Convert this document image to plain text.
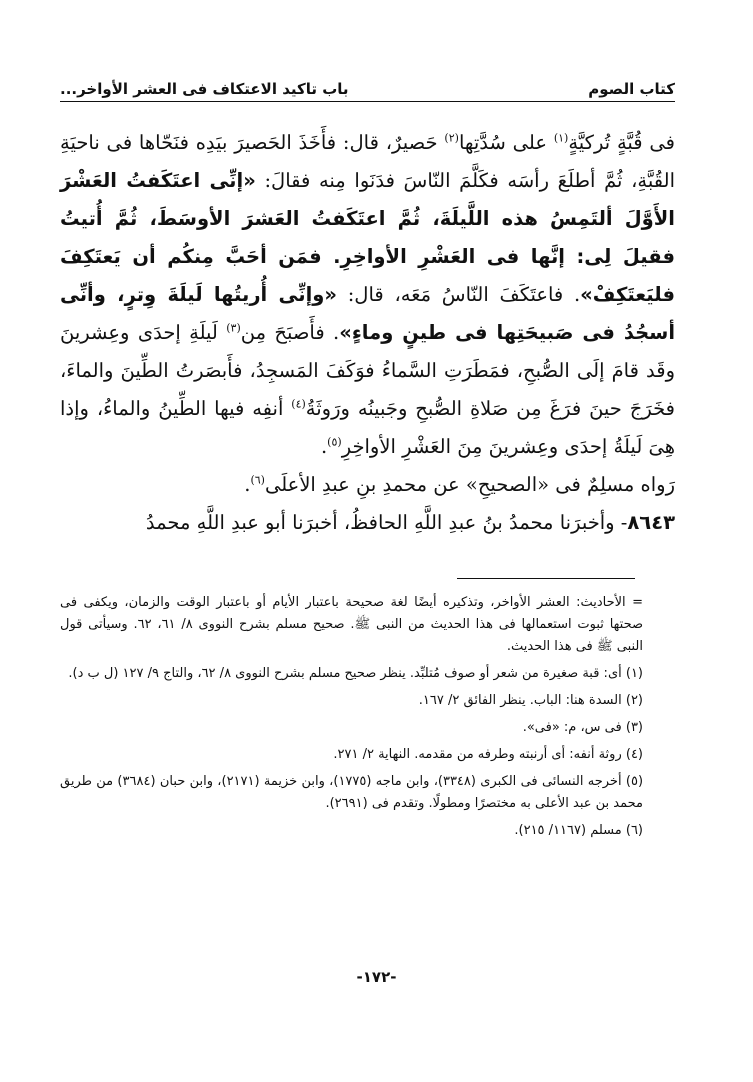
كتاب الصوم
باب تاكيد الاعتكاف فى العشر الأواخر...

فى قُبَّةٍ تُركيَّةٍ$^{(١)}$ على سُدَّتِها$^{(٢)}$ حَصيرٌ، قال: فأَخَذَ الحَصيرَ بيَدِه فنَحّاها فى ناحيَةِ القُبَّةِ، ثُمَّ أطلَعَ رأسَه فكَلَّمَ النّاسَ فدَنَوا مِنه فقالَ: «إنِّى اعتَكَفتُ العَشْرَ الأَوَّلَ ألتَمِسُ هذه اللَّيلَةَ، ثُمَّ اعتَكَفتُ العَشرَ الأوسَطَ، ثُمَّ أُتيتُ فقيلَ لِى: إنَّها فى العَشْرِ الأواخِرِ. فمَن أحَبَّ مِنكُم أن يَعتَكِفَ فليَعتَكِفْ». فاعتَكَفَ النّاسُ مَعَه، قال: «وإنِّى أُريتُها لَيلَةَ وِترٍ، وأنِّى أسجُدُ فى صَبيحَتِها فى طينٍ وماءٍ». فأَصبَحَ مِن$^{(٣)}$ لَيلَةِ إحدَى وعِشرينَ وقَد قامَ إلَى الصُّبحِ، فمَطَرَتِ السَّماءُ فوَكَفَ المَسجِدُ، فأَبصَرتُ الطِّينَ والماءَ، فخَرَجَ حينَ فرَغَ مِن صَلاةِ الصُّبحِ وجَبينُه ورَوثَةُ$^{(٤)}$ أنفِه فيها الطِّينُ والماءُ، وإذا هِىَ لَيلَةُ إحدَى وعِشرينَ مِنَ العَشْرِ الأواخِرِ$^{(٥)}$.

رَواه مسلِمٌ فى «الصحيحِ» عن محمدِ بنِ عبدِ الأعلَى$^{(٦)}$.

٨٦٤٣- وأخبرَنا محمدُ بنُ عبدِ اللَّهِ الحافظُ، أخبرَنا أبو عبدِ اللَّهِ محمدُ

= الأحاديث: العشر الأواخر، وتذكيره أيضًا لغة صحيحة باعتبار الأيام أو باعتبار الوقت والزمان، ويكفى فى صحتها ثبوت استعمالها فى هذا الحديث من النبى ﷺ. صحيح مسلم بشرح النووى ٨/ ٦١، ٦٢. وسيأتى قول النبى ﷺ فى هذا الحديث.

(١) أى: قبة صغيرة من شعر أو صوف مُتلبِّد. ينظر صحيح مسلم بشرح النووى ٨/ ٦٢، والتاج ٩/ ١٢٧ (ل ب د).

(٢) السدة هنا: الباب. ينظر الفائق ٢/ ١٦٧.

(٣) فى س، م: «فى».

(٤) روثة أنفه: أى أرنبته وطرفه من مقدمه. النهاية ٢/ ٢٧١.

(٥) أخرجه النسائى فى الكبرى (٣٣٤٨)، وابن ماجه (١٧٧٥)، وابن خزيمة (٢١٧١)، وابن حبان (٣٦٨٤) من طريق محمد بن عبد الأعلى به مختصرًا ومطولًا. وتقدم فى (٢٦٩١).

(٦) مسلم (١١٦٧/ ٢١٥).

-١٧٢-
